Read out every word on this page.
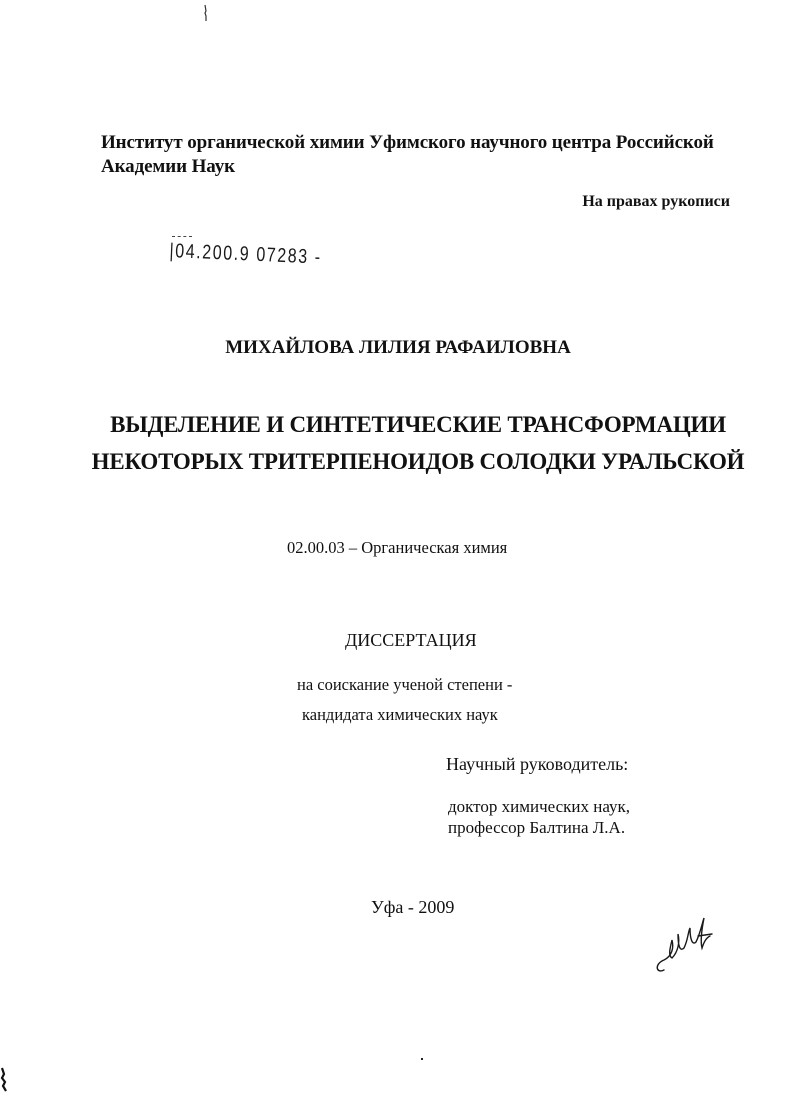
Институт органической химии Уфимского научного центра Российской
Академии Наук
На правах рукописи
|04.200.9 07283 -
МИХАЙЛОВА ЛИЛИЯ РАФАИЛОВНА
ВЫДЕЛЕНИЕ И СИНТЕТИЧЕСКИЕ ТРАНСФОРМАЦИИ
НЕКОТОРЫХ ТРИТЕРПЕНОИДОВ СОЛОДКИ УРАЛЬСКОЙ
02.00.03 – Органическая химия
ДИССЕРТАЦИЯ
на соискание ученой степени -
кандидата химических наук
Научный руководитель:
доктор химических наук,
профессор Балтина Л.А.
Уфа - 2009
